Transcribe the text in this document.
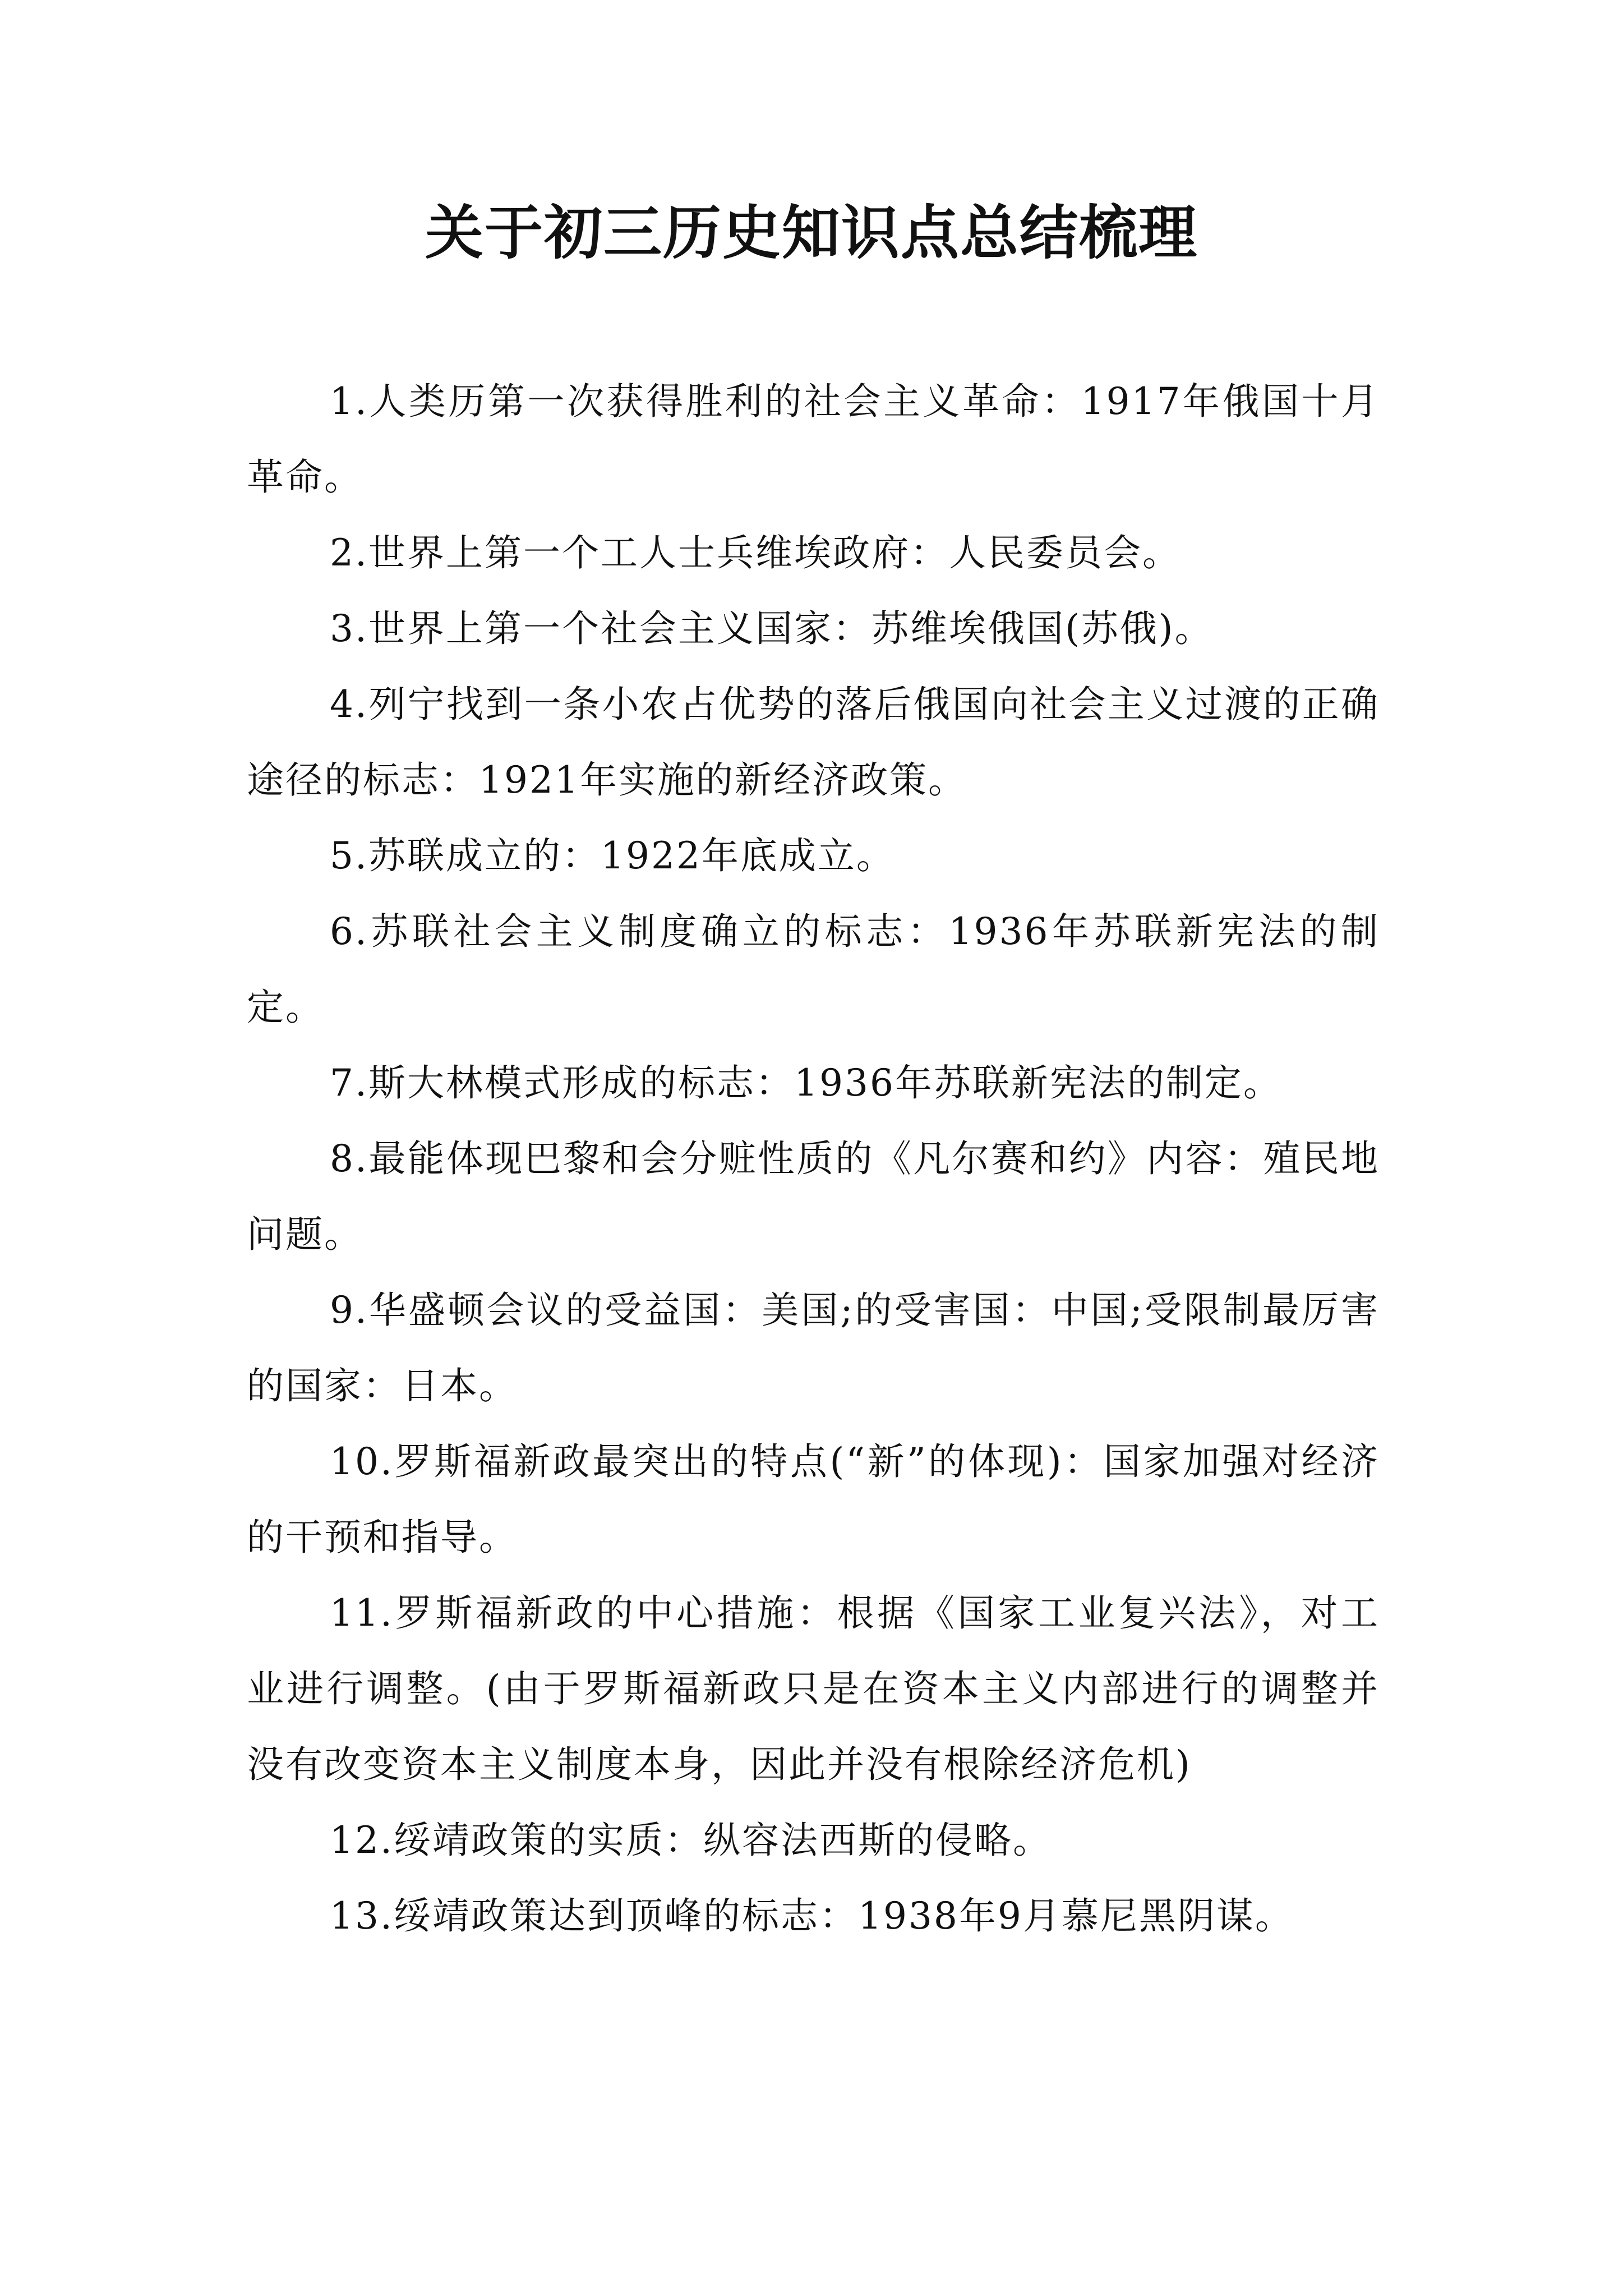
关于初三历史知识点总结梳理

1.人类历第一次获得胜利的社会主义革命：1917年俄国十月革命。

2.世界上第一个工人士兵维埃政府：人民委员会。

3.世界上第一个社会主义国家：苏维埃俄国(苏俄)。

4.列宁找到一条小农占优势的落后俄国向社会主义过渡的正确途径的标志：1921年实施的新经济政策。

5.苏联成立的：1922年底成立。

6.苏联社会主义制度确立的标志：1936年苏联新宪法的制定。

7.斯大林模式形成的标志：1936年苏联新宪法的制定。

8.最能体现巴黎和会分赃性质的《凡尔赛和约》内容：殖民地问题。

9.华盛顿会议的受益国：美国;的受害国：中国;受限制最厉害的国家：日本。

10.罗斯福新政最突出的特点(“新”的体现)：国家加强对经济的干预和指导。

11.罗斯福新政的中心措施：根据《国家工业复兴法》，对工业进行调整。(由于罗斯福新政只是在资本主义内部进行的调整并没有改变资本主义制度本身，因此并没有根除经济危机)

12.绥靖政策的实质：纵容法西斯的侵略。

13.绥靖政策达到顶峰的标志：1938年9月慕尼黑阴谋。
